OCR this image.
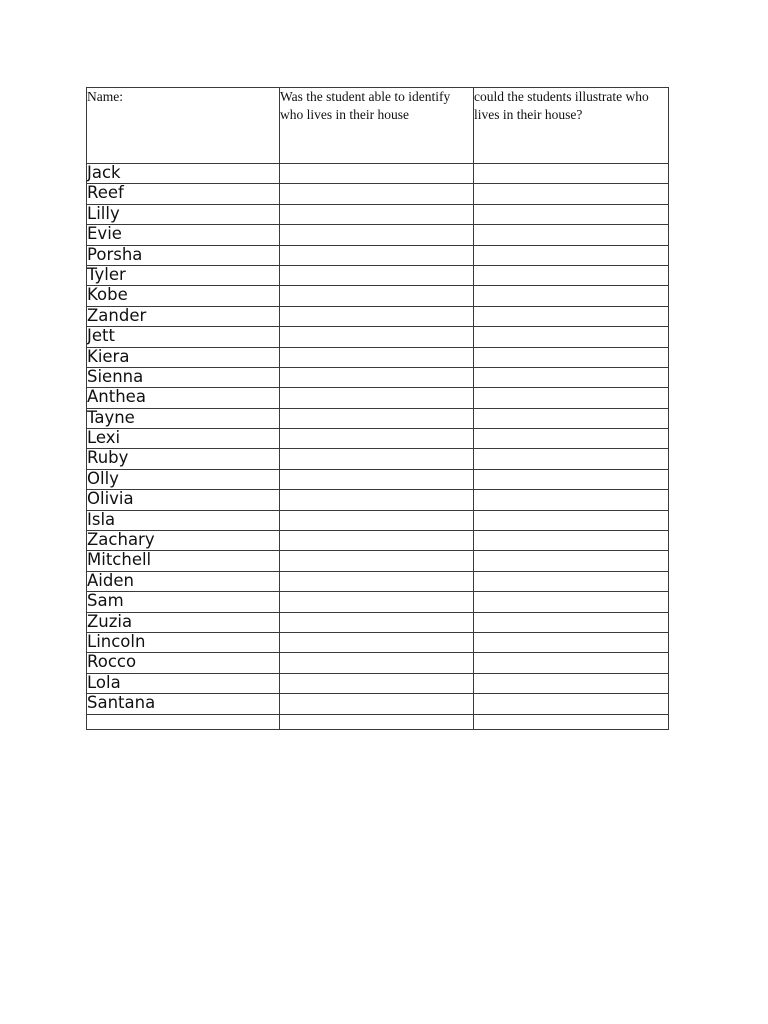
Name:	Was the student able to identify who lives in their house	could the students illustrate who lives in their house?
Jack		
Reef		
Lilly		
Evie		
Porsha		
Tyler		
Kobe		
Zander		
Jett		
Kiera		
Sienna		
Anthea		
Tayne		
Lexi		
Ruby		
Olly		
Olivia		
Isla		
Zachary		
Mitchell		
Aiden		
Sam		
Zuzia		
Lincoln		
Rocco		
Lola		
Santana		
